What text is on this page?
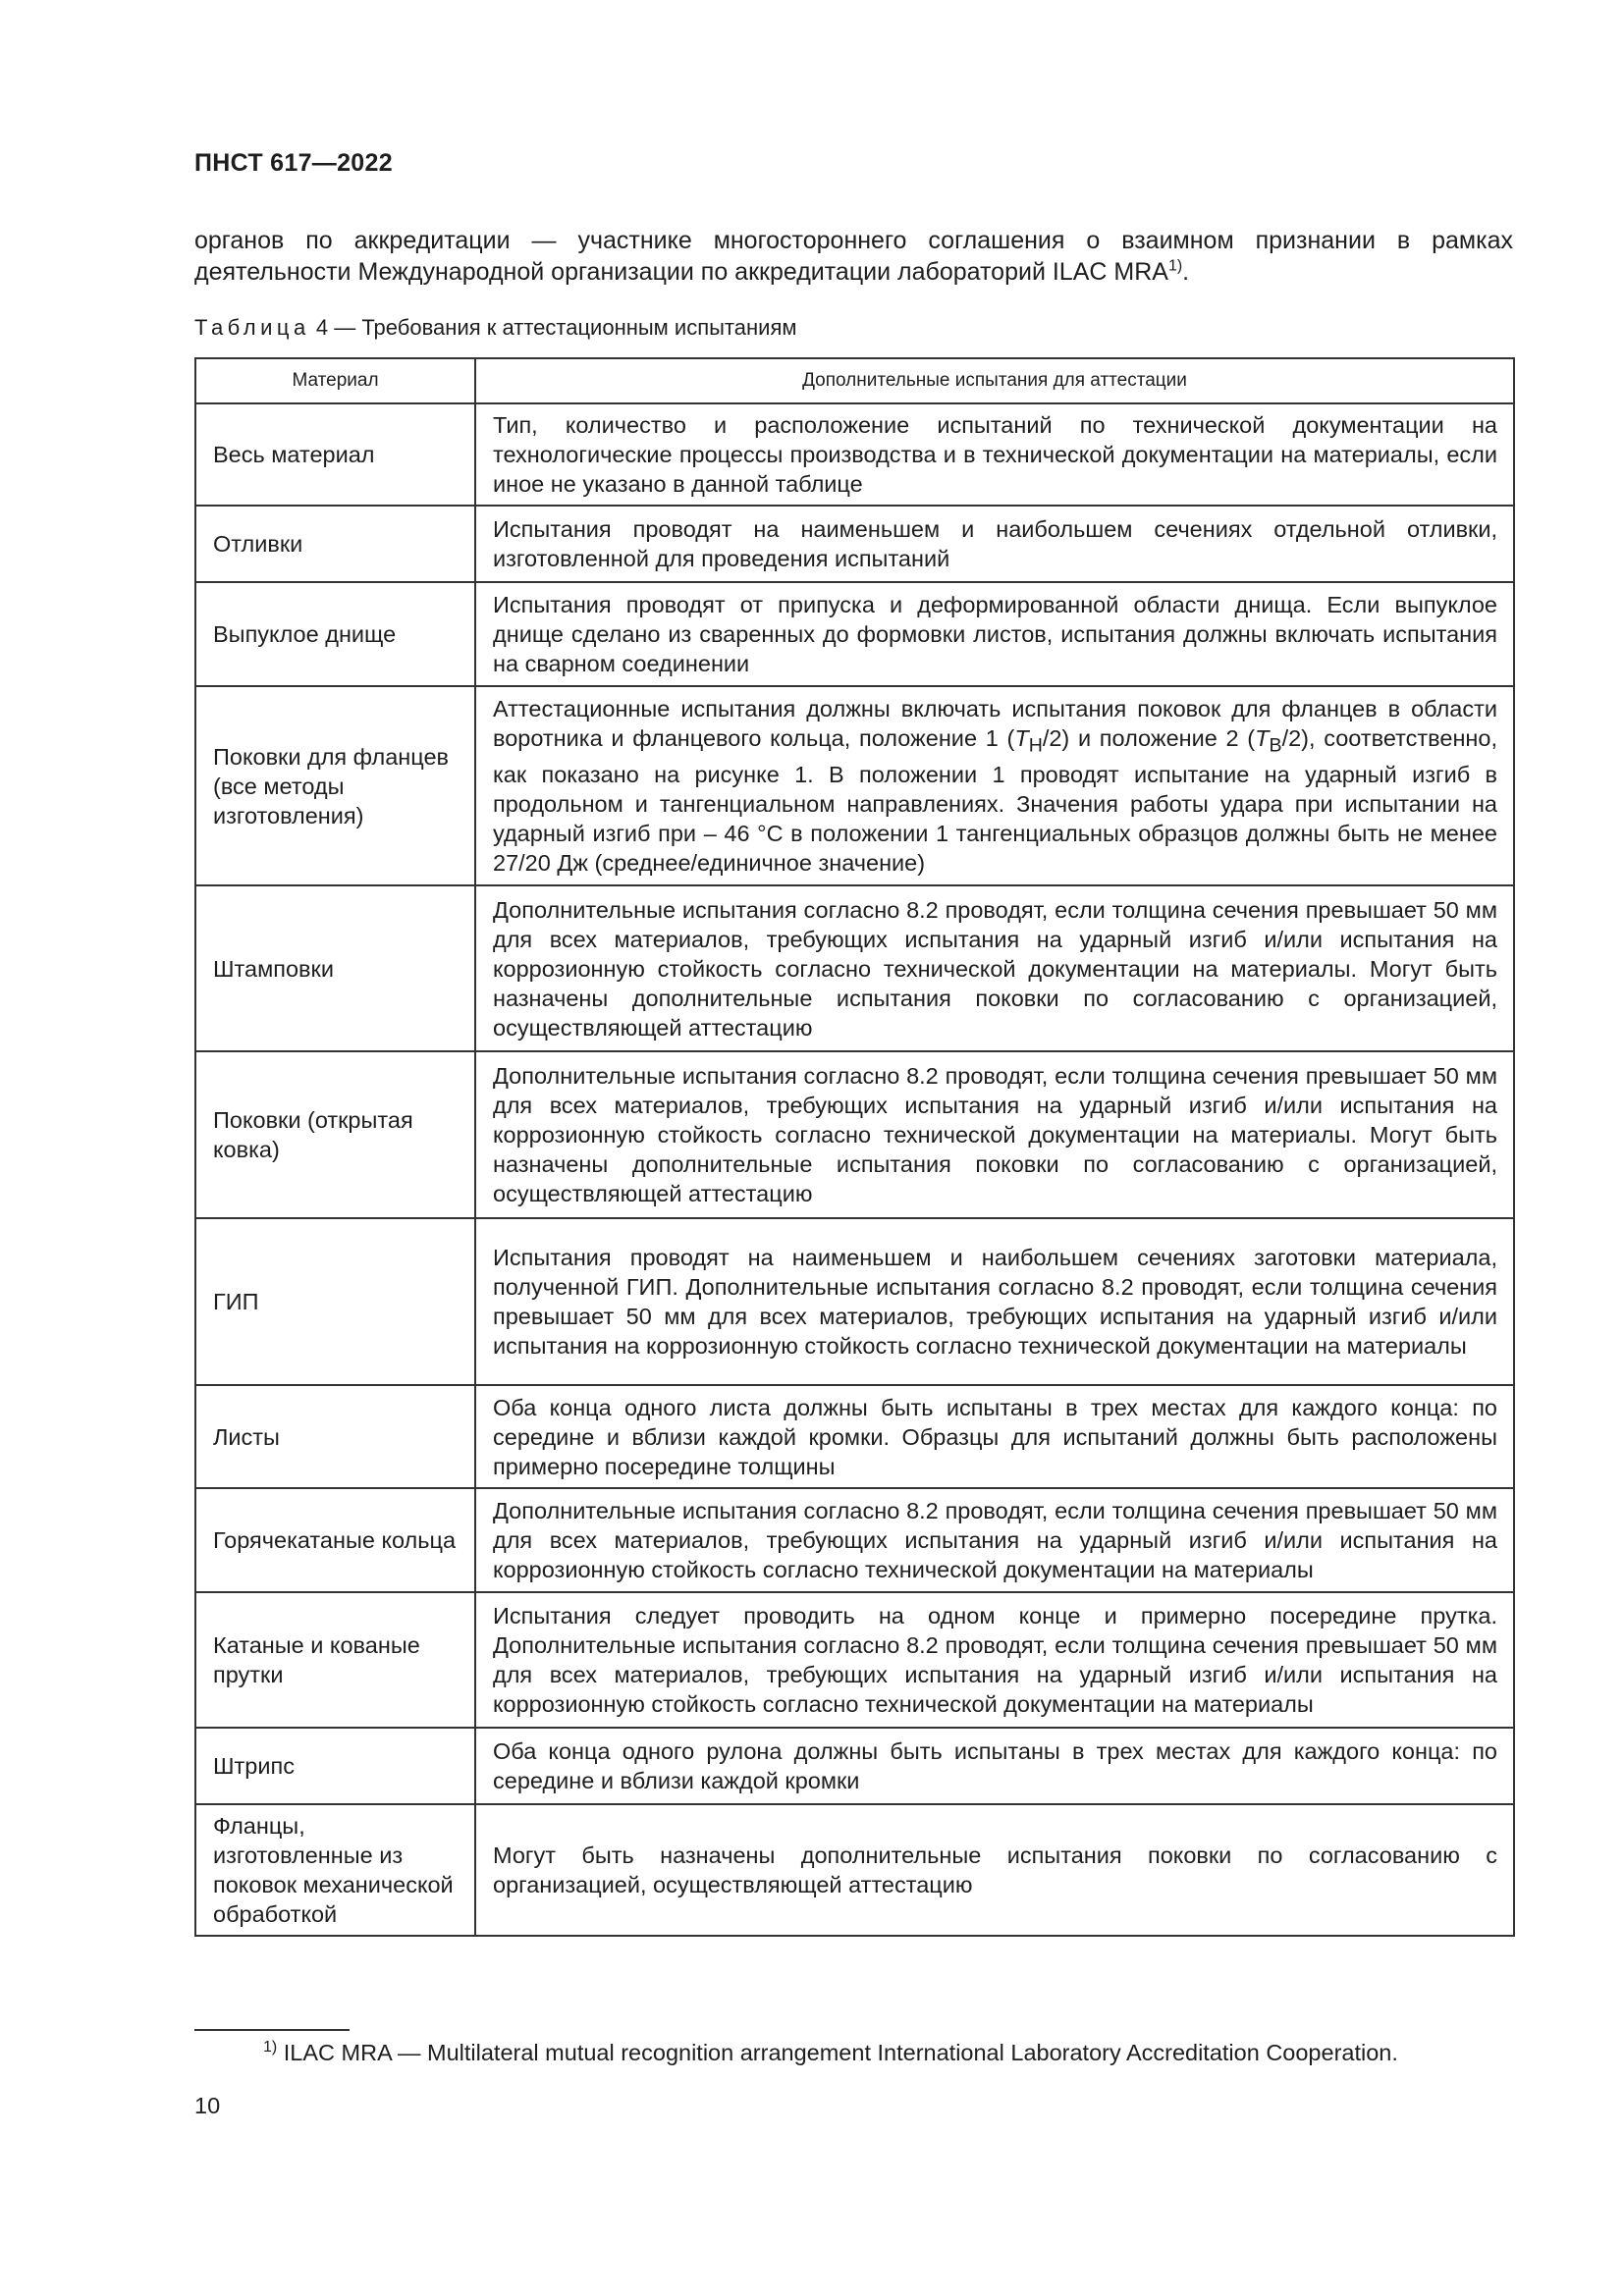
ПНСТ 617—2022
органов по аккредитации — участнике многостороннего соглашения о взаимном признании в рамках деятельности Международной организации по аккредитации лабораторий ILAC MRA$^{1)}$.
Таблица 4 — Требования к аттестационным испытаниям
Материал	Дополнительные испытания для аттестации
Весь материал	Тип, количество и расположение испытаний по технической документации на технологические процессы производства и в технической документации на материалы, если иное не указано в данной таблице
Отливки	Испытания проводят на наименьшем и наибольшем сечениях отдельной отливки, изготовленной для проведения испытаний
Выпуклое днище	Испытания проводят от припуска и деформированной области днища. Если выпуклое днище сделано из сваренных до формовки листов, испытания должны включать испытания на сварном соединении
Поковки для фланцев (все методы изготовления)	Аттестационные испытания должны включать испытания поковок для фланцев в области воротника и фланцевого кольца, положение 1 $(T_Н/2)$ и положение 2 $(T_В/2)$, соответственно, как показано на рисунке 1. В положении 1 проводят испытание на ударный изгиб в продольном и тангенциальном направлениях. Значения работы удара при испытании на ударный изгиб при – 46 °С в положении 1 тангенциальных образцов должны быть не менее 27/20 Дж (среднее/единичное значение)
Штамповки	Дополнительные испытания согласно 8.2 проводят, если толщина сечения превышает 50 мм для всех материалов, требующих испытания на ударный изгиб и/или испытания на коррозионную стойкость согласно технической документации на материалы. Могут быть назначены дополнительные испытания поковки по согласованию с организацией, осуществляющей аттестацию
Поковки (открытая ковка)	Дополнительные испытания согласно 8.2 проводят, если толщина сечения превышает 50 мм для всех материалов, требующих испытания на ударный изгиб и/или испытания на коррозионную стойкость согласно технической документации на материалы. Могут быть назначены дополнительные испытания поковки по согласованию с организацией, осуществляющей аттестацию
ГИП	Испытания проводят на наименьшем и наибольшем сечениях заготовки материала, полученной ГИП. Дополнительные испытания согласно 8.2 проводят, если толщина сечения превышает 50 мм для всех материалов, требующих испытания на ударный изгиб и/или испытания на коррозионную стойкость согласно технической документации на материалы
Листы	Оба конца одного листа должны быть испытаны в трех местах для каждого конца: по середине и вблизи каждой кромки. Образцы для испытаний должны быть расположены примерно посередине толщины
Горячекатаные кольца	Дополнительные испытания согласно 8.2 проводят, если толщина сечения превышает 50 мм для всех материалов, требующих испытания на ударный изгиб и/или испытания на коррозионную стойкость согласно технической документации на материалы
Катаные и кованые прутки	Испытания следует проводить на одном конце и примерно посередине прутка. Дополнительные испытания согласно 8.2 проводят, если толщина сечения превышает 50 мм для всех материалов, требующих испытания на ударный изгиб и/или испытания на коррозионную стойкость согласно технической документации на материалы
Штрипс	Оба конца одного рулона должны быть испытаны в трех местах для каждого конца: по середине и вблизи каждой кромки
Фланцы, изготовленные из поковок механической обработкой	Могут быть назначены дополнительные испытания поковки по согласованию с организацией, осуществляющей аттестацию
$^{1)}$ ILAC MRA — Multilateral mutual recognition arrangement International Laboratory Accreditation Cooperation.
10
